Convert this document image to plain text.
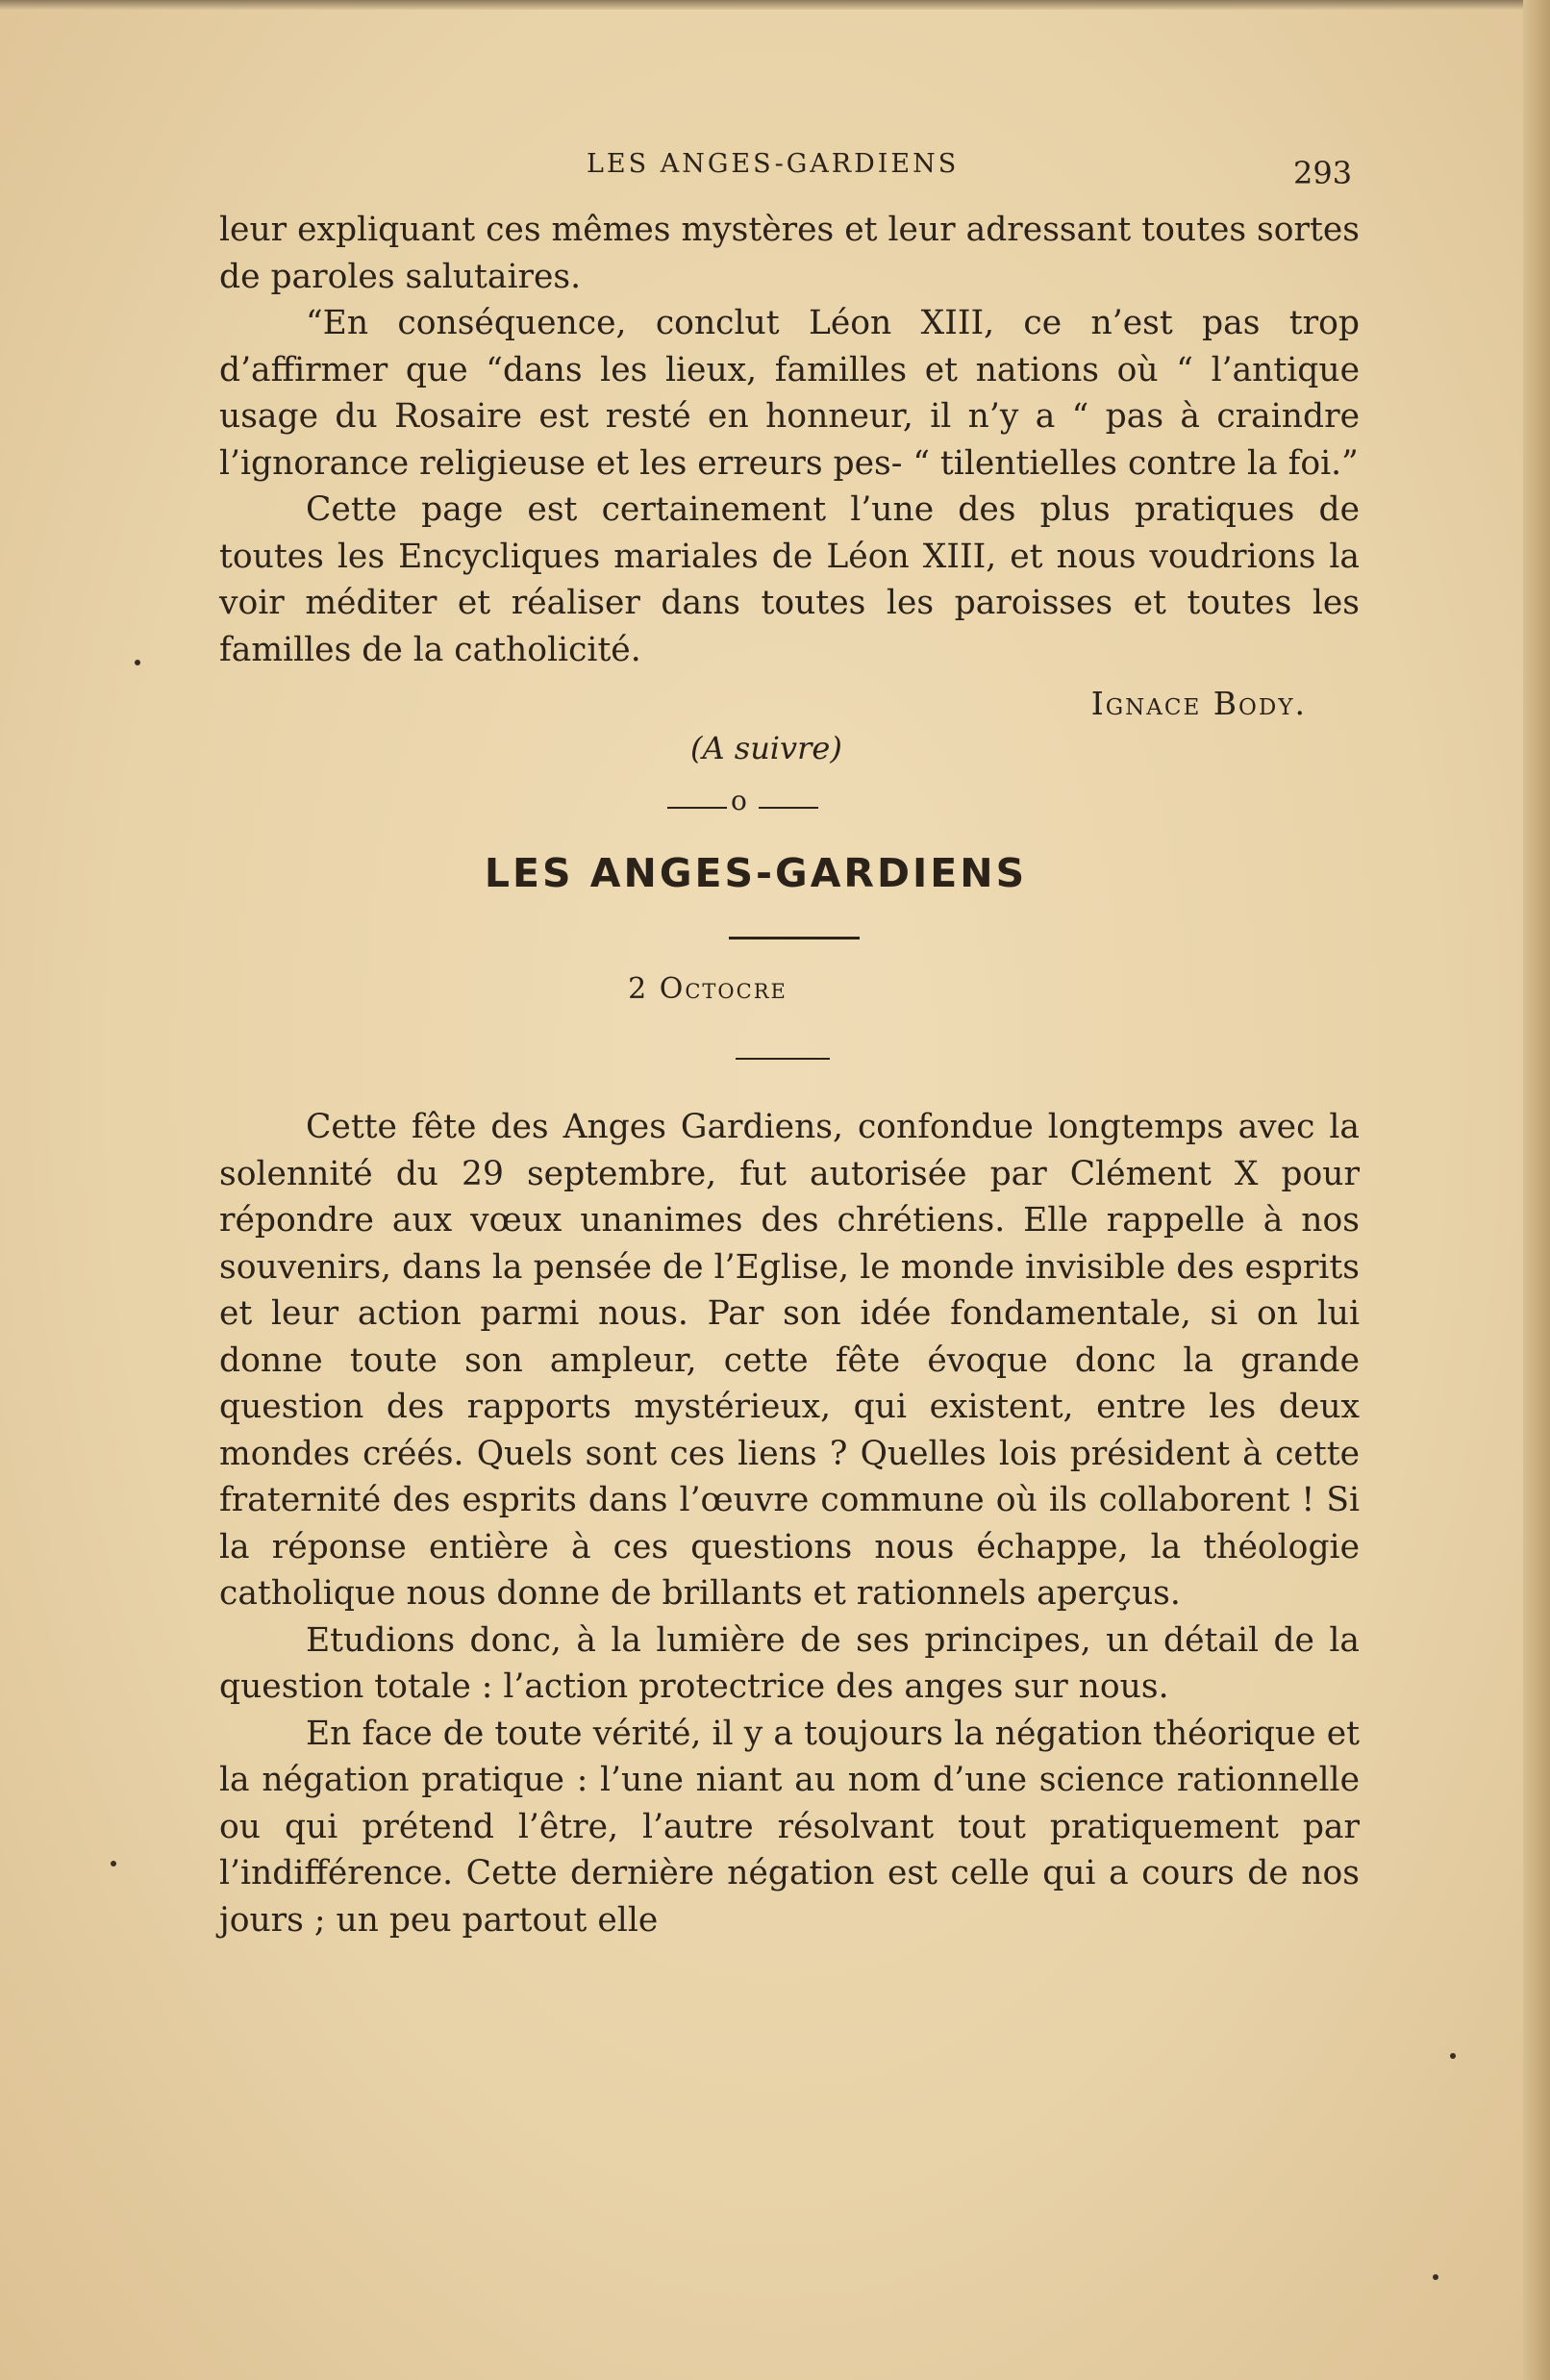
LES ANGES-GARDIENS	293

leur expliquant ces mêmes mystères et leur adressant toutes sortes de paroles salutaires.

“En conséquence, conclut Léon XIII, ce n’est pas trop d’affirmer que “dans les lieux, familles et nations où “ l’antique usage du Rosaire est resté en honneur, il n’y a “ pas à craindre l’ignorance religieuse et les erreurs pes- “ tilentielles contre la foi.”

Cette page est certainement l’une des plus pratiques de toutes les Encycliques mariales de Léon XIII, et nous voudrions la voir méditer et réaliser dans toutes les paroisses et toutes les familles de la catholicité.

Ignace Body.
(A suivre)
o
LES ANGES-GARDIENS
2 Octocre

Cette fête des Anges Gardiens, confondue longtemps avec la solennité du 29 septembre, fut autorisée par Clément X pour répondre aux vœux unanimes des chrétiens. Elle rappelle à nos souvenirs, dans la pensée de l’Eglise, le monde invisible des esprits et leur action parmi nous. Par son idée fondamentale, si on lui donne toute son ampleur, cette fête évoque donc la grande question des rapports mystérieux, qui existent, entre les deux mondes créés. Quels sont ces liens ? Quelles lois président à cette fraternité des esprits dans l’œuvre commune où ils collaborent ! Si la réponse entière à ces questions nous échappe, la théologie catholique nous donne de brillants et rationnels aperçus.

Etudions donc, à la lumière de ses principes, un détail de la question totale : l’action protectrice des anges sur nous.

En face de toute vérité, il y a toujours la négation théorique et la négation pratique : l’une niant au nom d’une science rationnelle ou qui prétend l’être, l’autre résolvant tout pratiquement par l’indifférence. Cette dernière négation est celle qui a cours de nos jours ; un peu partout elle
